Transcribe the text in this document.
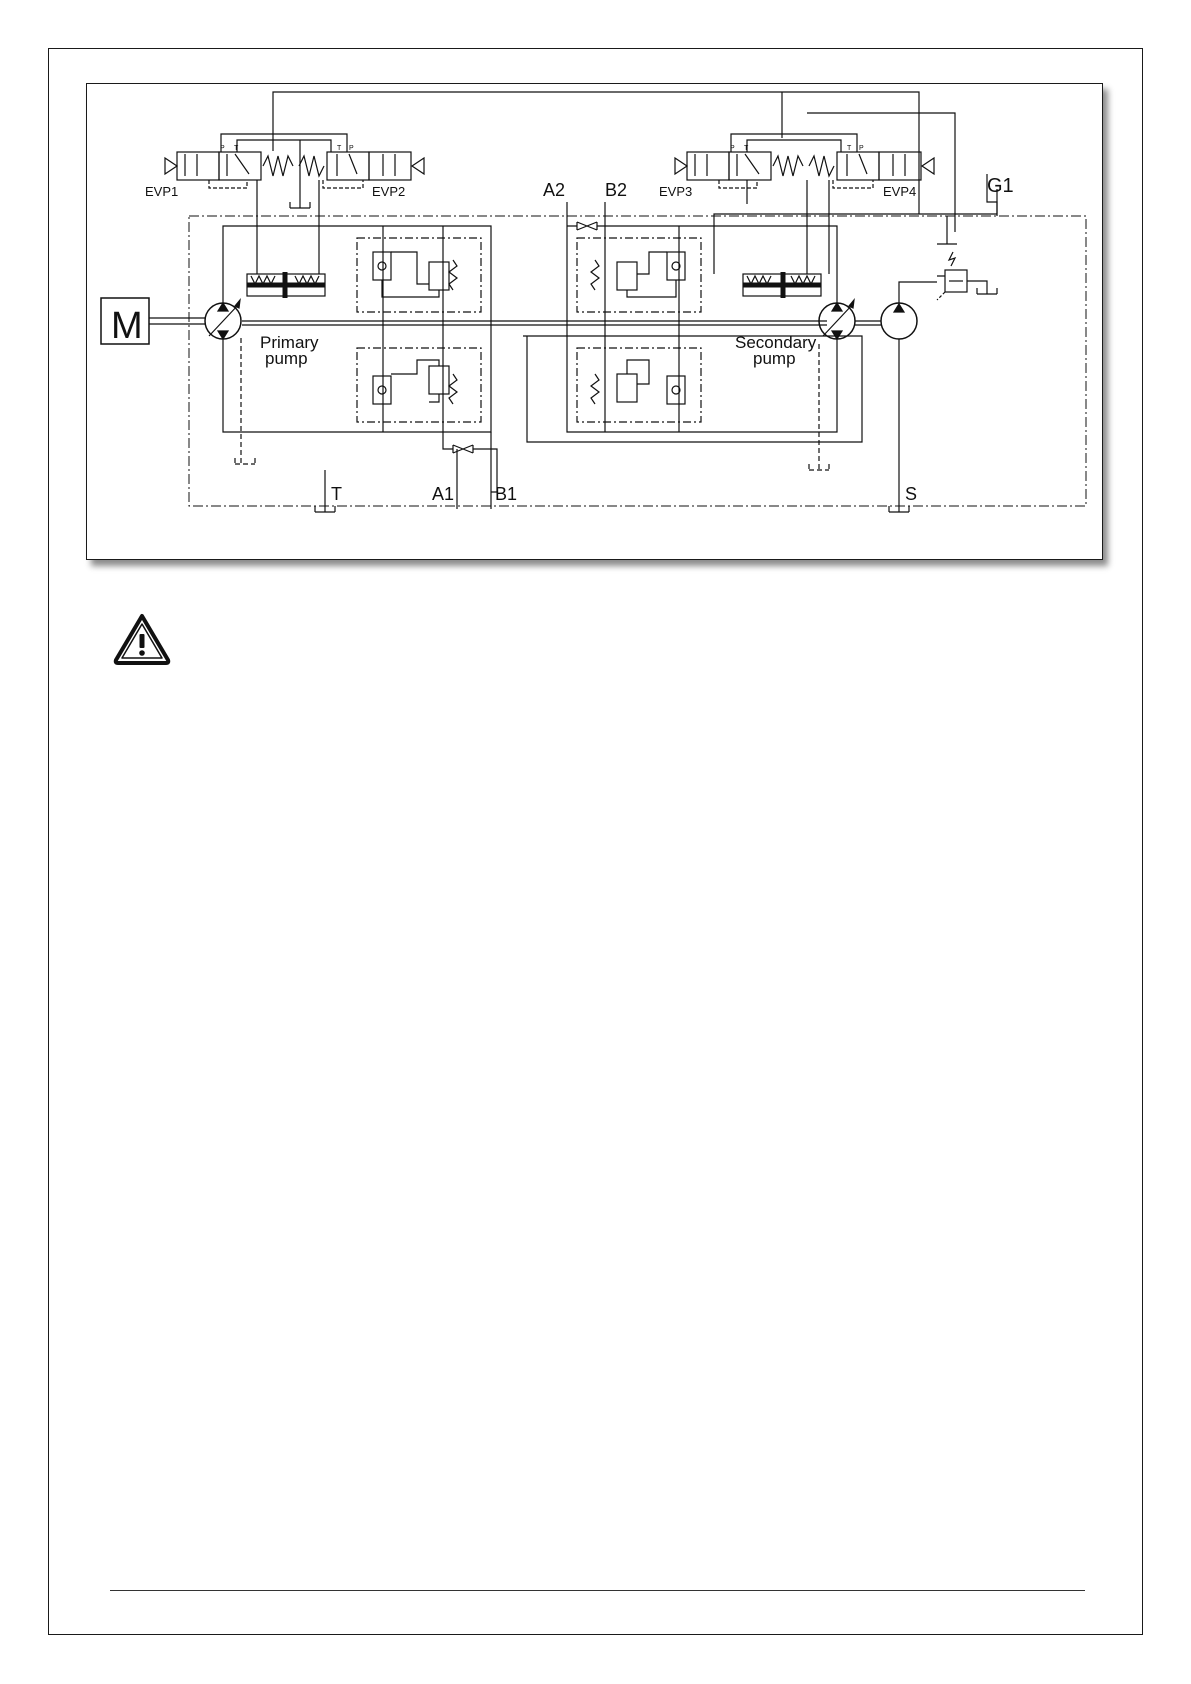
EVP1
P T
EVP2
T P
EVP3
P T
EVP4
T P
M	Primary
pump
A1 B1
T
A2 B2
Secondary
pump
S
G1
